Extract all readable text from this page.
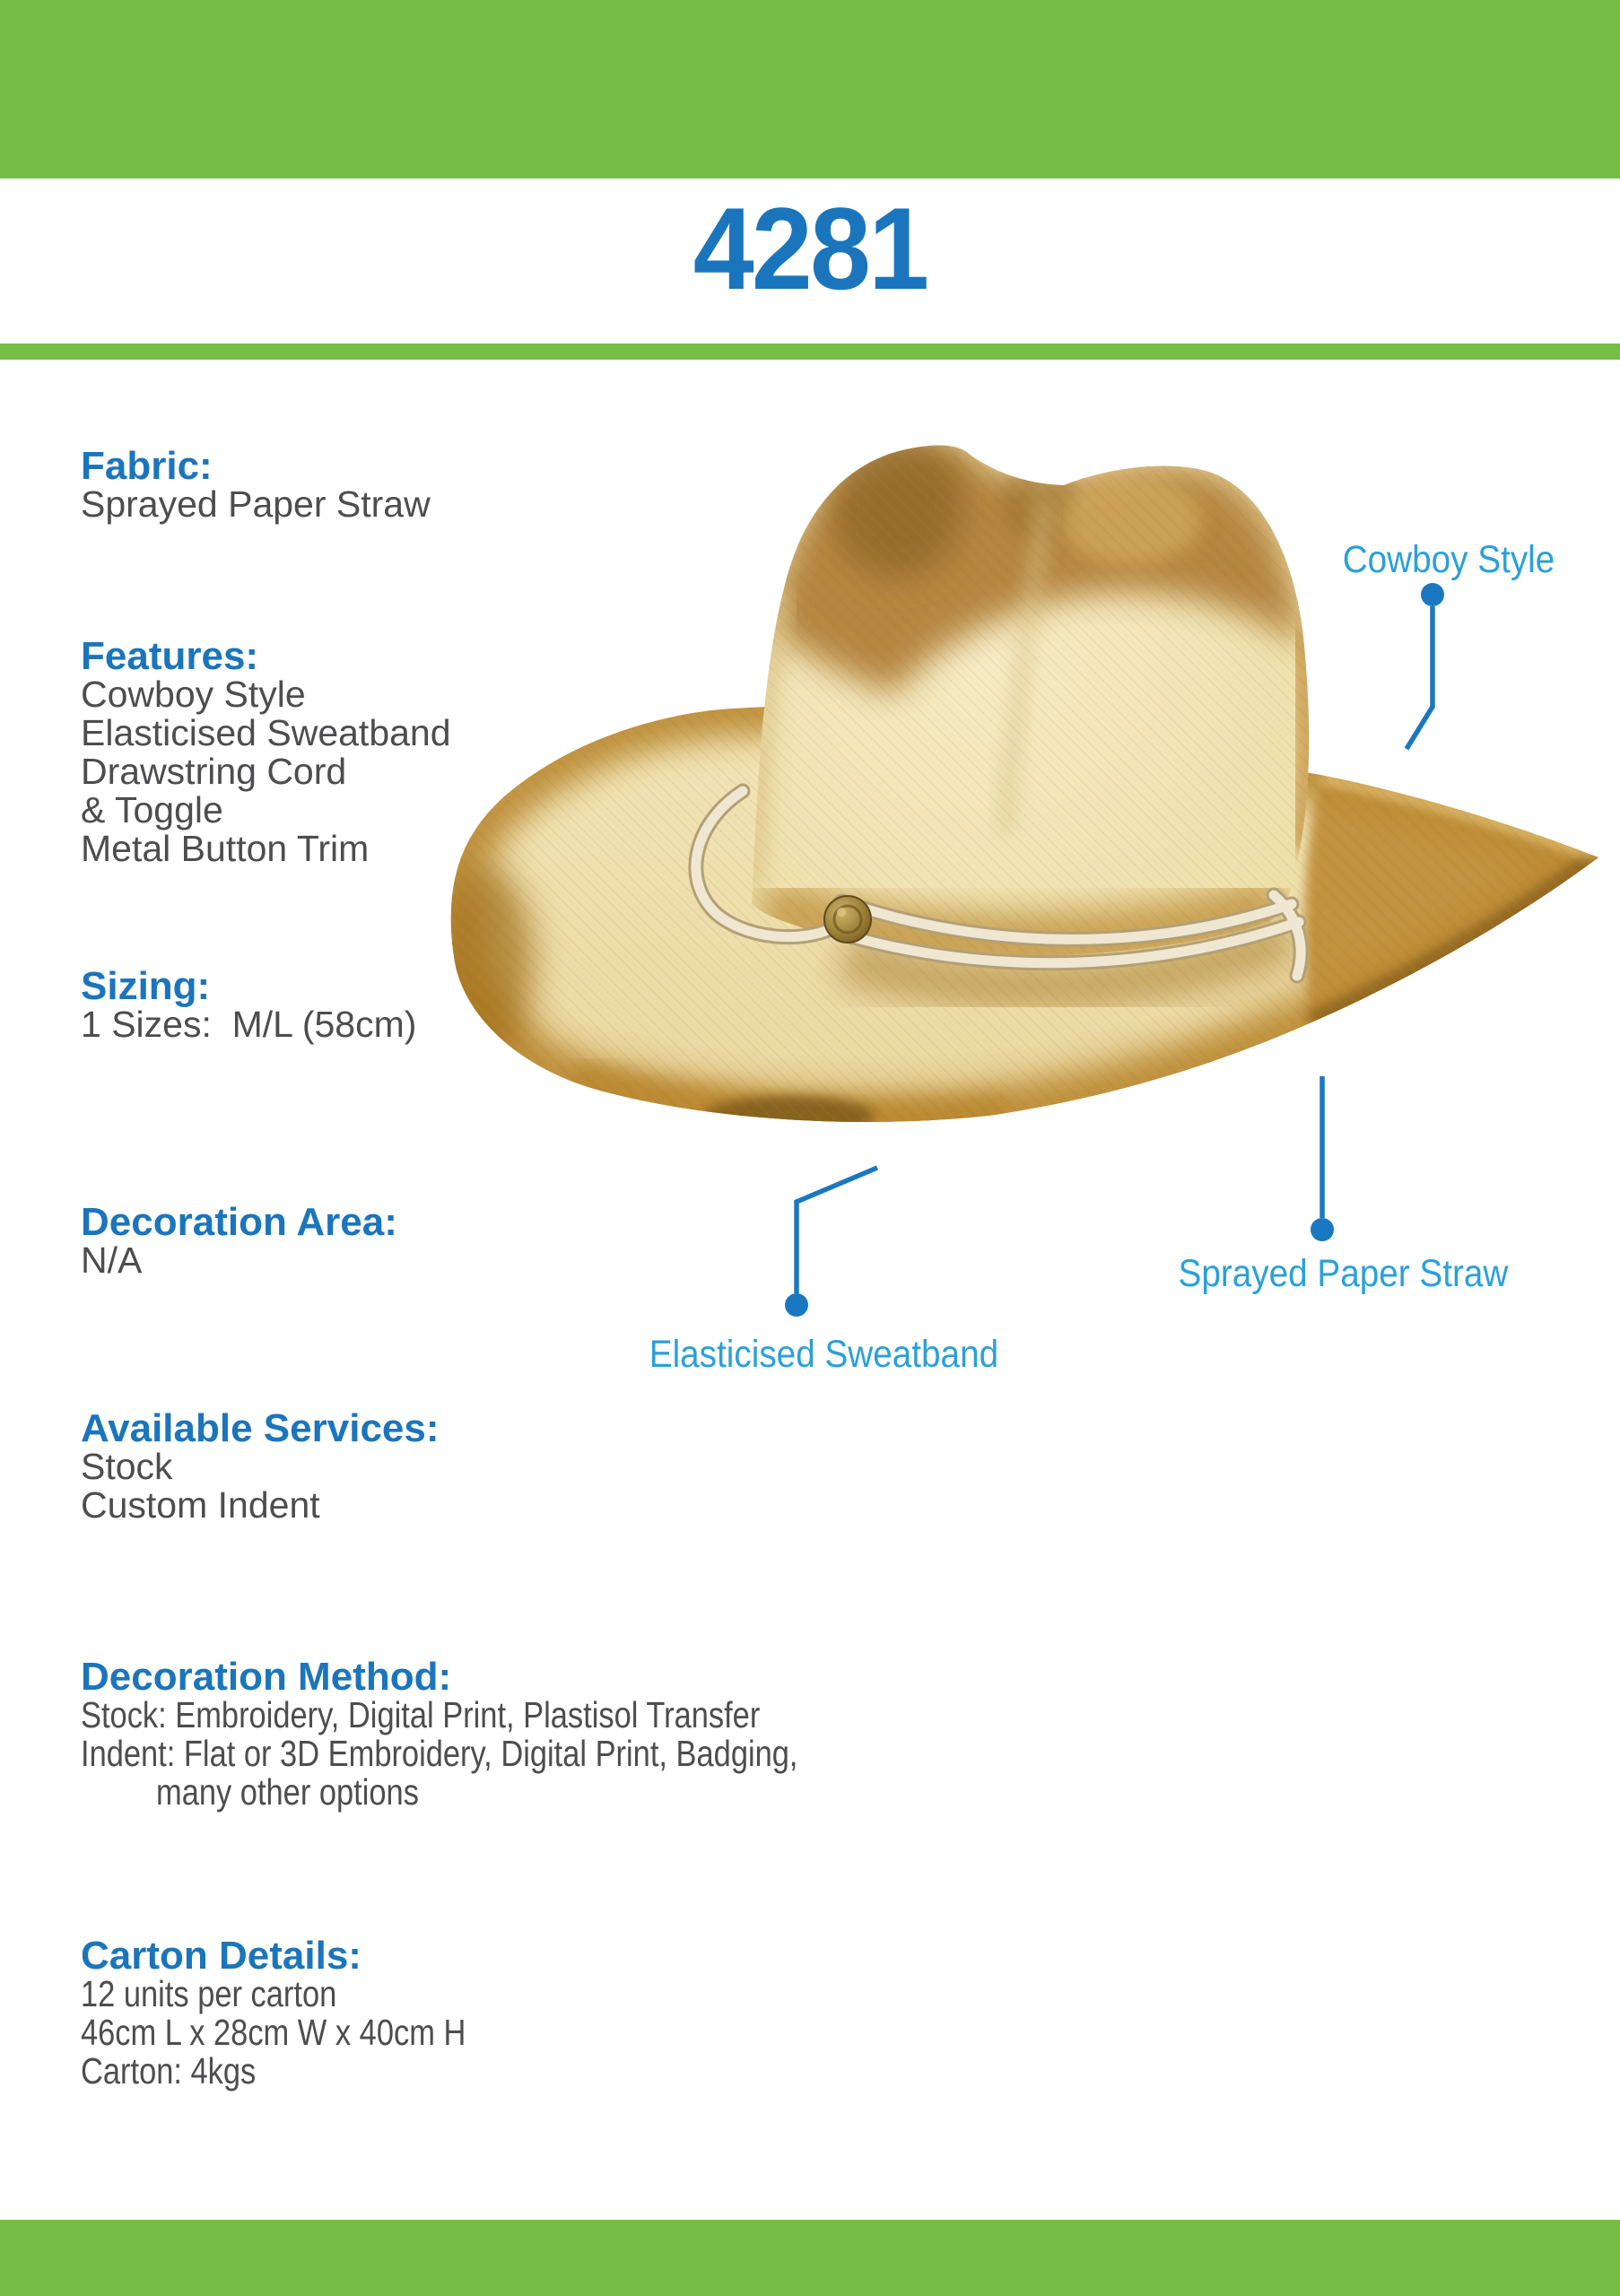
4281
Fabric:
Sprayed Paper Straw
Features:
Cowboy Style
Elasticised Sweatband
Drawstring Cord
& Toggle
Metal Button Trim
Sizing:
1 Sizes:  M/L (58cm)
Decoration Area:
N/A
Available Services:
Stock
Custom Indent
Decoration Method:
Stock: Embroidery, Digital Print, Plastisol Transfer
Indent: Flat or 3D Embroidery, Digital Print, Badging,
many other options
Carton Details:
12 units per carton
46cm L x 28cm W x 40cm H
Carton: 4kgs
Cowboy Style
Sprayed Paper Straw
Elasticised Sweatband
